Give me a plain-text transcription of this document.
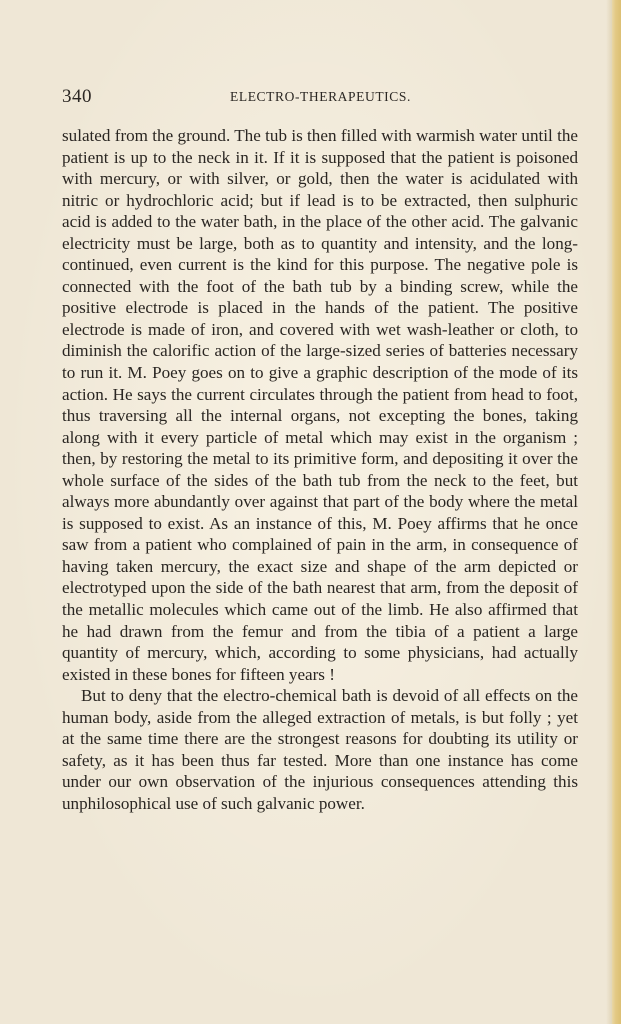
340	ELECTRO-THERAPEUTICS.

sulated from the ground. The tub is then filled with warmish water until the patient is up to the neck in it. If it is supposed that the patient is poisoned with mercury, or with silver, or gold, then the water is acidulated with nitric or hydrochloric acid; but if lead is to be extracted, then sulphuric acid is added to the water bath, in the place of the other acid. The galvanic electricity must be large, both as to quantity and intensity, and the long-continued, even current is the kind for this purpose. The negative pole is connected with the foot of the bath tub by a binding screw, while the positive electrode is placed in the hands of the patient. The positive electrode is made of iron, and covered with wet wash-leather or cloth, to diminish the calorific action of the large-sized series of batteries necessary to run it. M. Poey goes on to give a graphic description of the mode of its action. He says the current circulates through the patient from head to foot, thus traversing all the internal organs, not excepting the bones, taking along with it every particle of metal which may exist in the organism ; then, by restoring the metal to its primitive form, and depositing it over the whole surface of the sides of the bath tub from the neck to the feet, but always more abundantly over against that part of the body where the metal is supposed to exist. As an instance of this, M. Poey affirms that he once saw from a patient who complained of pain in the arm, in consequence of having taken mercury, the exact size and shape of the arm depicted or electrotyped upon the side of the bath nearest that arm, from the deposit of the metallic molecules which came out of the limb. He also affirmed that he had drawn from the femur and from the tibia of a patient a large quantity of mercury, which, according to some physicians, had actually existed in these bones for fifteen years !

But to deny that the electro-chemical bath is devoid of all effects on the human body, aside from the alleged extraction of metals, is but folly ; yet at the same time there are the strongest reasons for doubting its utility or safety, as it has been thus far tested. More than one instance has come under our own observation of the injurious consequences attending this unphilosophical use of such galvanic power.
